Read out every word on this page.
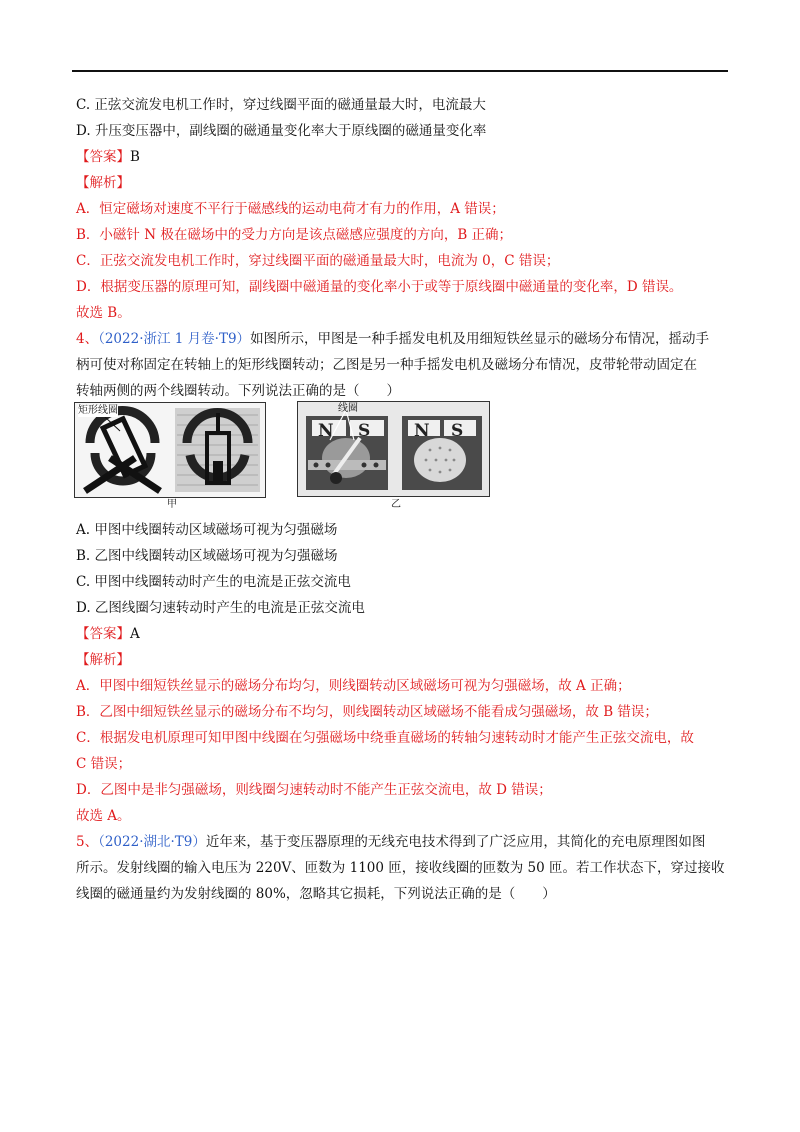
C. 正弦交流发电机工作时，穿过线圈平面的磁通量最大时，电流最大
D. 升压变压器中，副线圈的磁通量变化率大于原线圈的磁通量变化率
【答案】B
【解析】
A．恒定磁场对速度不平行于磁感线的运动电荷才有力的作用，A 错误；
B．小磁针 N 极在磁场中的受力方向是该点磁感应强度的方向，B 正确；
C．正弦交流发电机工作时，穿过线圈平面的磁通量最大时，电流为 0，C 错误；
D．根据变压器的原理可知，副线圈中磁通量的变化率小于或等于原线圈中磁通量的变化率，D 错误。
故选 B。
4、（2022·浙江 1 月卷·T9）如图所示，甲图是一种手摇发电机及用细短铁丝显示的磁场分布情况，摇动手
柄可使对称固定在转轴上的矩形线圈转动；乙图是另一种手摇发电机及磁场分布情况，皮带轮带动固定在
转轴两侧的两个线圈转动。下列说法正确的是（　　）
矩形线圈
甲
N S	N S
线圈
乙
A. 甲图中线圈转动区域磁场可视为匀强磁场
B. 乙图中线圈转动区域磁场可视为匀强磁场
C. 甲图中线圈转动时产生的电流是正弦交流电
D. 乙图线圈匀速转动时产生的电流是正弦交流电
【答案】A
【解析】
A．甲图中细短铁丝显示的磁场分布均匀，则线圈转动区域磁场可视为匀强磁场，故 A 正确；
B．乙图中细短铁丝显示的磁场分布不均匀，则线圈转动区域磁场不能看成匀强磁场，故 B 错误；
C．根据发电机原理可知甲图中线圈在匀强磁场中绕垂直磁场的转轴匀速转动时才能产生正弦交流电，故
C 错误；
D．乙图中是非匀强磁场，则线圈匀速转动时不能产生正弦交流电，故 D 错误；
故选 A。
5、（2022·湖北·T9）近年来，基于变压器原理的无线充电技术得到了广泛应用，其简化的充电原理图如图
所示。发射线圈的输入电压为 220V、匝数为 1100 匝，接收线圈的匝数为 50 匝。若工作状态下，穿过接收
线圈的磁通量约为发射线圈的 80%，忽略其它损耗，下列说法正确的是（　　）
